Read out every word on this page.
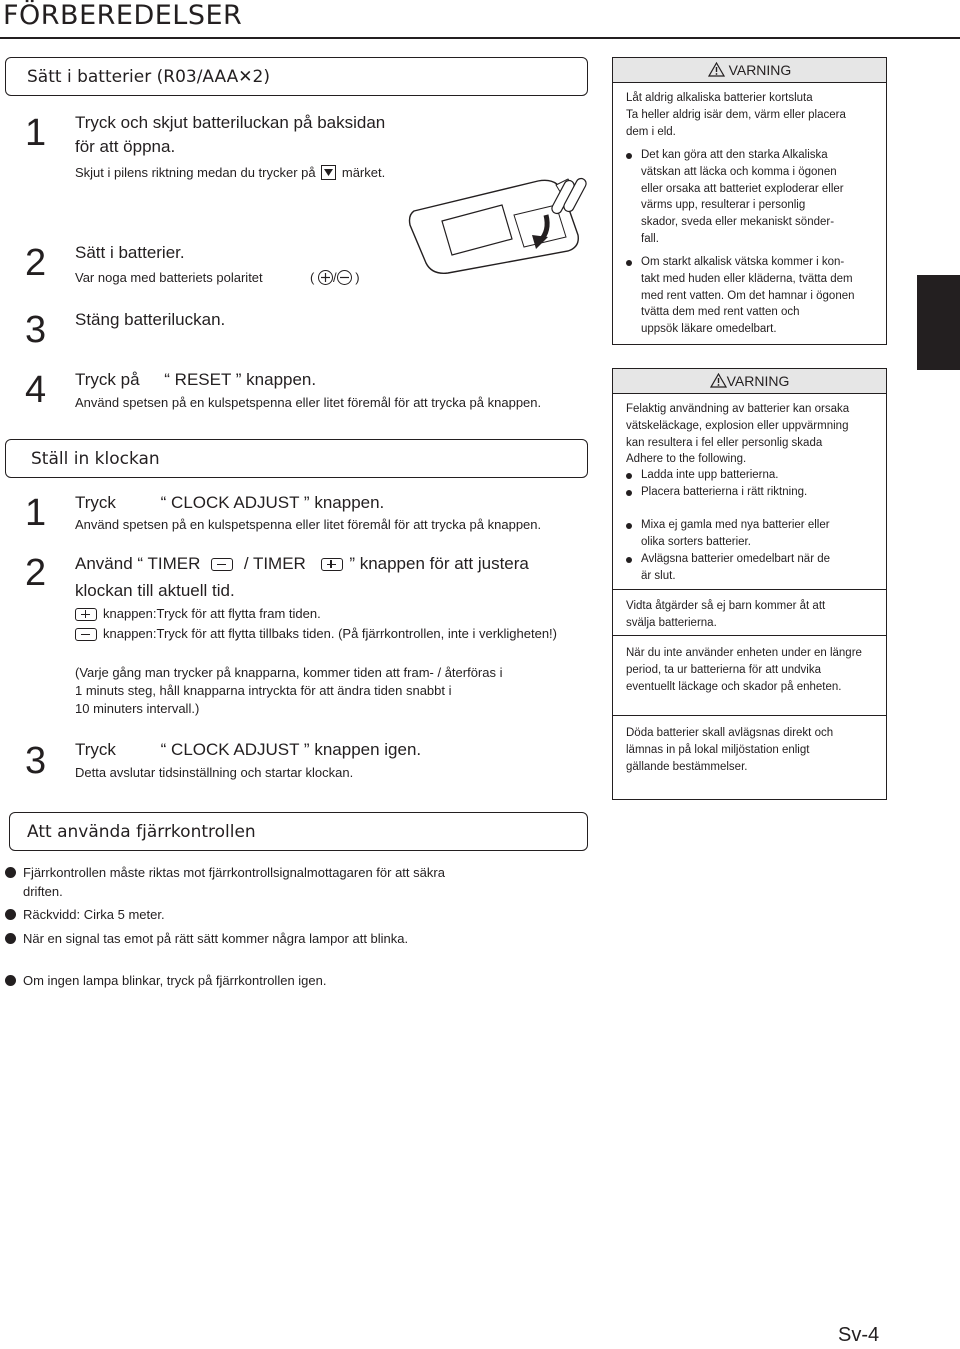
FÖRBEREDELSER
Sätt i batterier (R03/AAA✕2)
1 Tryck och skjut batteriluckan på baksidan
för att öppna.
Skjut i pilens riktning medan du trycker på märket.
2 Sätt i batterier.
Var noga med batteriets polaritet	( / )
3 Stäng batteriluckan.
4 Tryck på “ RESET ” knappen.
Använd spetsen på en kulspetspenna eller litet föremål för att trycka på knappen.
Ställ in klockan
1 Tryck	“ CLOCK ADJUST ” knappen.
Använd spetsen på en kulspetspenna eller litet föremål för att trycka på knappen.
2 Använd “ TIMER	/ TIMER	” knappen för att justera
klockan till aktuell tid.
knappen:Tryck för att flytta fram tiden.
knappen:Tryck för att flytta tillbaks tiden. (På fjärrkontrollen, inte i verkligheten!)
(Varje gång man trycker på knapparna, kommer tiden att fram- / återföras i
1 minuts steg, håll knapparna intryckta för att ändra tiden snabbt i
10 minuters intervall.)
3 Tryck	“ CLOCK ADJUST ” knappen igen.
Detta avslutar tidsinställning och startar klockan.
Att använda fjärrkontrollen
Fjärrkontrollen måste riktas mot fjärrkontrollsignalmottagaren för att säkra
driften.
Räckvidd: Cirka 5 meter.
När en signal tas emot på rätt sätt kommer några lampor att blinka.
Om ingen lampa blinkar, tryck på fjärrkontrollen igen.
VARNING
Låt aldrig alkaliska batterier kortsluta
Ta heller aldrig isär dem, värm eller placera
dem i eld.
Det kan göra att den starka Alkaliska
vätskan att läcka och komma i ögonen
eller orsaka att batteriet exploderar eller
värms upp, resulterar i personlig
skador, sveda eller mekaniskt sönder-
fall.
Om starkt alkalisk vätska kommer i kon-
takt med huden eller kläderna, tvätta dem
med rent vatten. Om det hamnar i ögonen
tvätta dem med rent vatten och
uppsök läkare omedelbart.
VARNING
Felaktig användning av batterier kan orsaka
vätskeläckage, explosion eller uppvärmning
kan resultera i fel eller personlig skada
Adhere to the following.
Ladda inte upp batterierna.
Placera batterierna i rätt riktning.
Mixa ej gamla med nya batterier eller
olika sorters batterier.
Avlägsna batterier omedelbart när de
är slut.
Vidta åtgärder så ej barn kommer åt att
svälja batterierna.
När du inte använder enheten under en längre
period, ta ur batterierna för att undvika
eventuellt läckage och skador på enheten.
Döda batterier skall avlägsnas direkt och
lämnas in på lokal miljöstation enligt
gällande bestämmelser.
Sv-4
